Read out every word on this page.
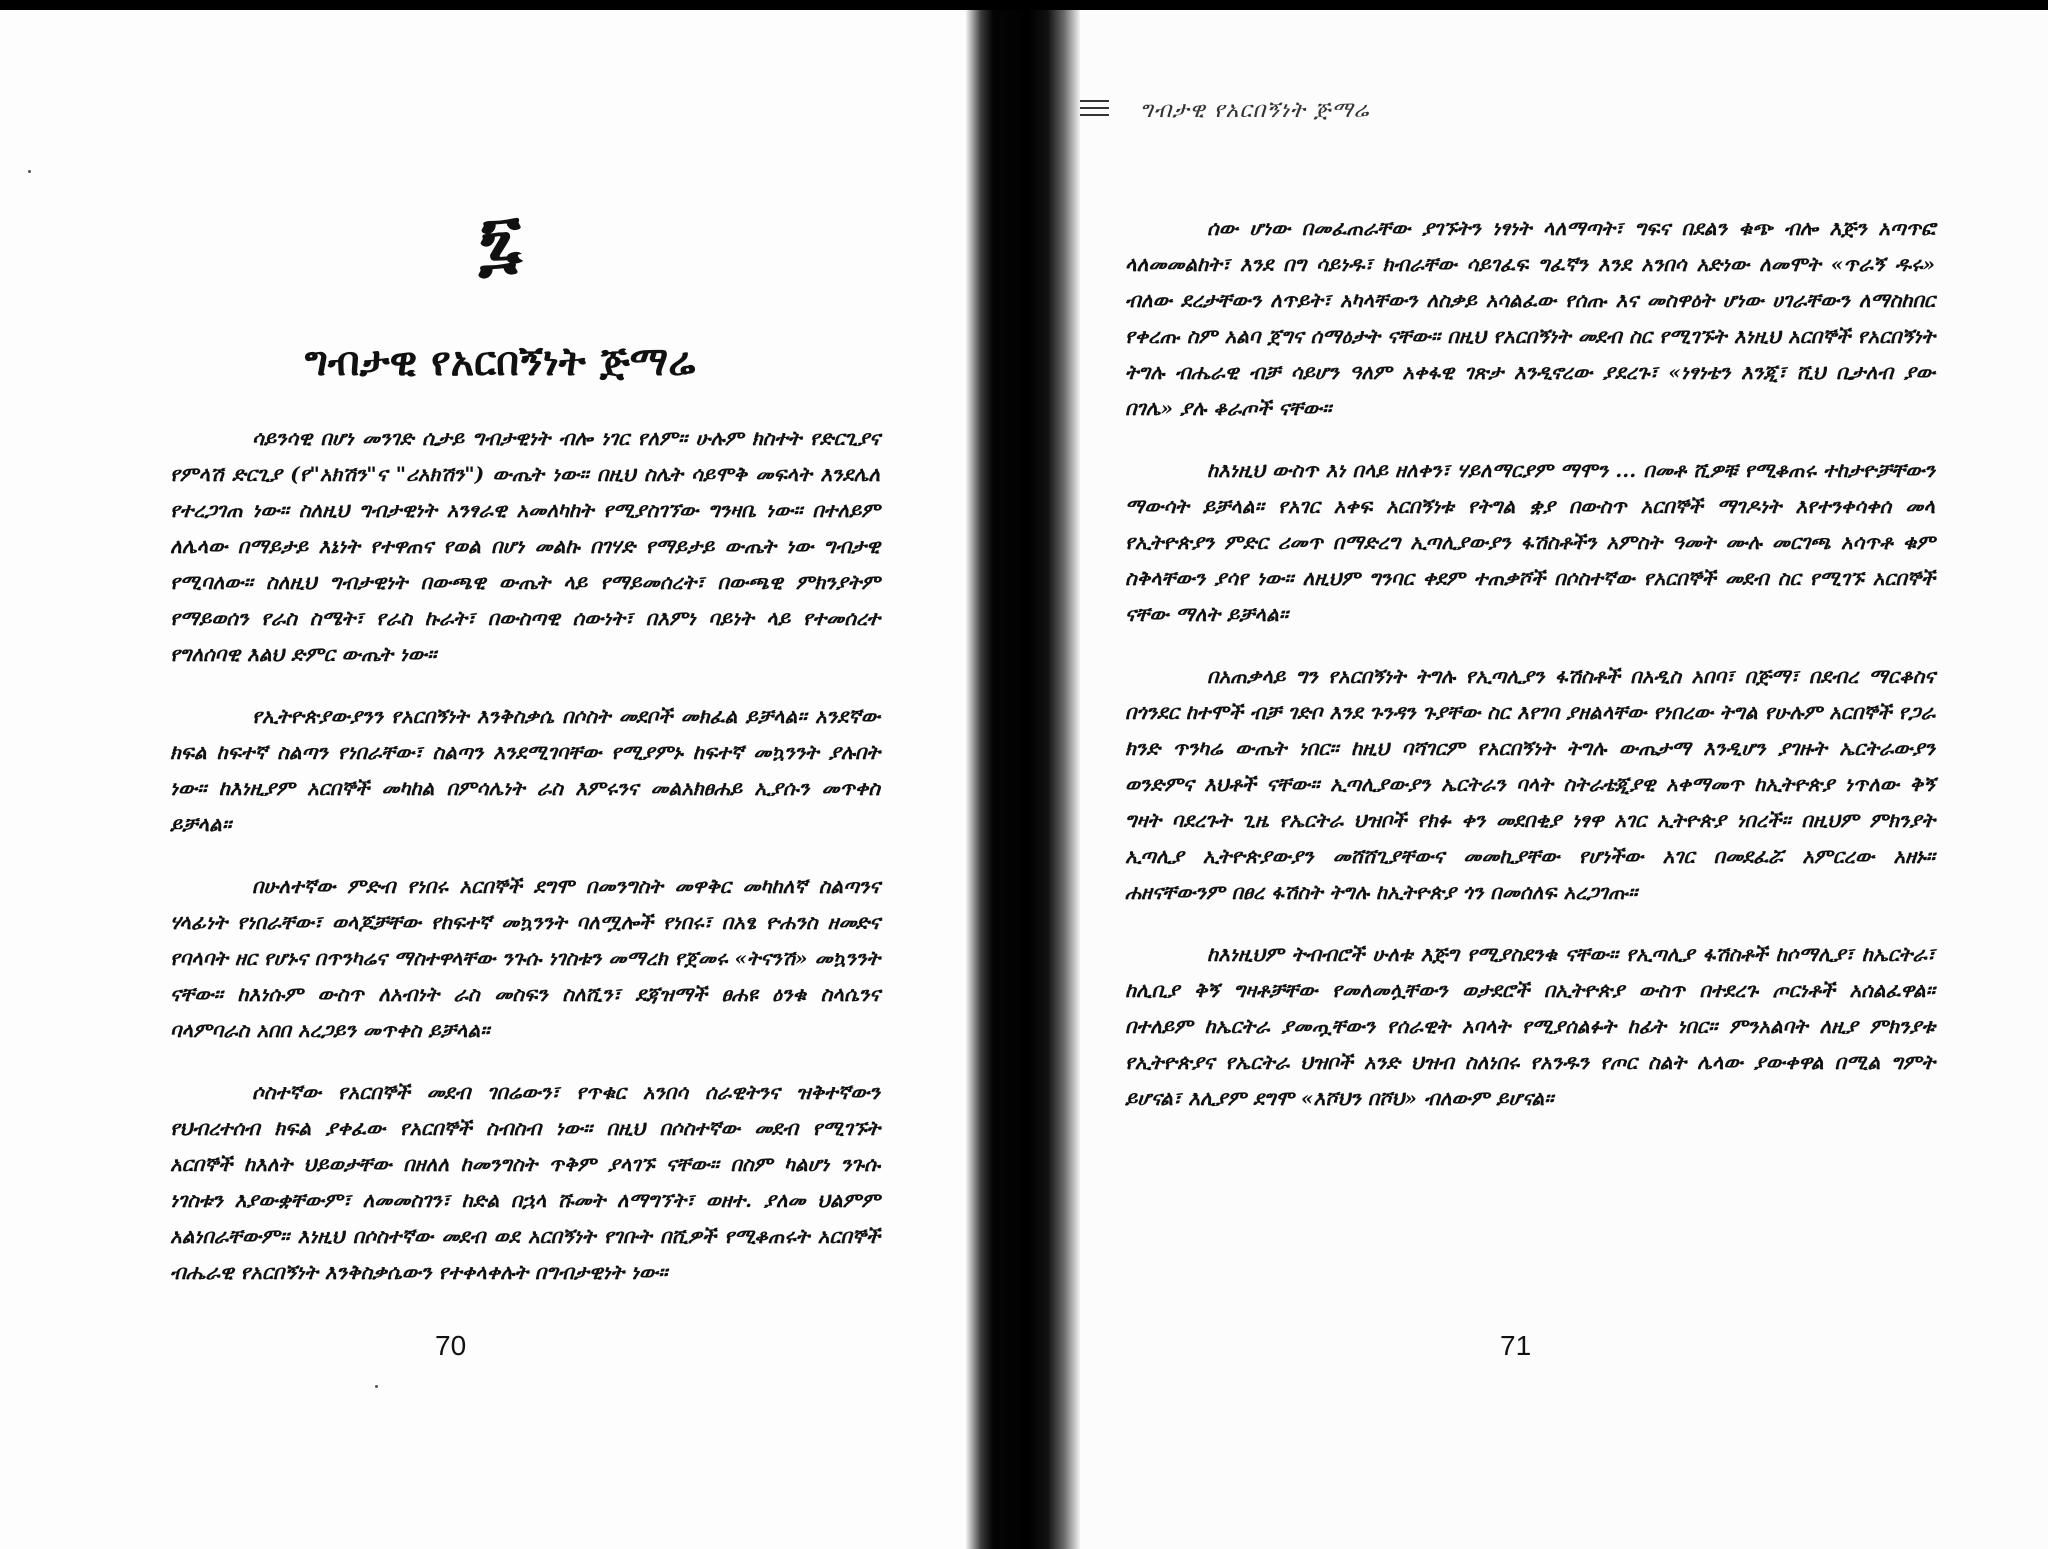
፯
ግብታዊ የአርበኝነት ጅማሬ

ሳይንሳዊ በሆነ መንገድ ሲታይ ግብታዊነት ብሎ ነገር የለም። ሁሉም ክስተት የድርጊያና የምላሽ ድርጊያ (የ"አክሽን"ና "ሪአክሽን") ውጤት ነው። በዚህ ስሌት ሳይሞቅ መፍላት እንደሌለ የተረጋገጠ ነው። ስለዚህ ግብታዊነት አንፃራዊ አመለካከት የሚያስገኘው ግንዛቤ ነው። በተለይም ለሌላው በማይታይ እኔነት የተዋጠና የወል በሆነ መልኩ በገሃድ የማይታይ ውጤት ነው ግብታዊ የሚባለው። ስለዚህ ግብታዊነት በውጫዊ ውጤት ላይ የማይመሰረት፣ በውጫዊ ምክንያትም የማይወሰን የራስ ስሜት፣ የራስ ኩራት፣ በውስጣዊ ሰውነት፣ በእምነ ባይነት ላይ የተመሰረተ የግለሰባዊ እልህ ድምር ውጤት ነው።

የኢትዮጵያውያንን የአርበኝነት እንቅስቃሴ በሶስት መደቦች መክፈል ይቻላል። አንደኛው ክፍል ከፍተኛ ስልጣን የነበራቸው፣ ስልጣን እንደሚገባቸው የሚያምኑ ከፍተኛ መኳንንት ያሉበት ነው። ከእነዚያም አርበኞች መካከል በምሳሌነት ራስ እምሩንና መልአክፀሐይ ኢያሱን መጥቀስ ይቻላል።

በሁለተኛው ምድብ የነበሩ አርበኞች ደግሞ በመንግስት መዋቅር መካከለኛ ስልጣንና ሃላፊነት የነበራቸው፣ ወላጆቻቸው የከፍተኛ መኳንንት ባለሟሎች የነበሩ፣ በአፄ ዮሐንስ ዘመድና የባላባት ዘር የሆኑና በጥንካሬና ማስተዋላቸው ንጉሱ ነገስቱን መማረክ የጀመሩ «ትናንሽ» መኳንንት ናቸው። ከእነሱም ውስጥ ለአብነት ራስ መስፍን ስለሺን፣ ደጃዝማች ፀሐዩ ዕንቁ ስላሴንና ባላምባራስ አበበ አረጋይን መጥቀስ ይቻላል።

ሶስተኛው የአርበኞች መደብ ገበሬውን፣ የጥቁር አንበሳ ሰራዊትንና ዝቅተኛውን የህብረተሰብ ክፍል ያቀፈው የአርበኞች ስብስብ ነው። በዚህ በሶስተኛው መደብ የሚገኙት አርበኞች ከእለት ህይወታቸው በዘለለ ከመንግስት ጥቅም ያላገኙ ናቸው። በስም ካልሆነ ንጉሱ ነገስቱን እያውቋቸውም፣ ለመመስገን፣ ከድል በኋላ ሹመት ለማግኘት፣ ወዘተ. ያለመ ህልምም አልነበራቸውም። እነዚህ በሶስተኛው መደብ ወደ አርበኝነት የገቡት በሺዎች የሚቆጠሩት አርበኞች ብሔራዊ የአርበኝነት እንቅስቃሴውን የተቀላቀሉት በግብታዊነት ነው።

70
ግብታዊ የአርበኝነት ጅማሬ

ሰው ሆነው በመፈጠራቸው ያገኙትን ነፃነት ላለማጣት፣ ግፍና በደልን ቁጭ ብሎ እጅን አጣጥፎ ላለመመልከት፣ እንደ በግ ሳይነዱ፣ ክብራቸው ሳይገፈፍ ግፈኛን እንደ አንበሳ አድነው ለመሞት «ጥራኝ ዱሩ» ብለው ደረታቸውን ለጥይት፣ አካላቸውን ለስቃይ አሳልፈው የሰጡ እና መስዋዕት ሆነው ሀገራቸውን ለማስከበር የቀረጡ ስም አልባ ጀግና ሰማዕታት ናቸው። በዚህ የአርበኝነት መደብ ስር የሚገኙት እነዚህ አርበኞች የአርበኝነት ትግሉ ብሔራዊ ብቻ ሳይሆን ዓለም አቀፋዊ ገጽታ እንዲኖረው ያደረጉ፣ «ነፃነቴን እንጂ፣ ሺህ ቢታለብ ያው በገሌ» ያሉ ቆራጦች ናቸው።

ከእነዚህ ውስጥ እነ በላይ ዘለቀን፣ ሃይለማርያም ማሞን ... በመቶ ሺዎቹ የሚቆጠሩ ተከታዮቻቸውን ማውሳት ይቻላል። የአገር አቀፍ አርበኝነቱ የትግል ቋያ በውስጥ አርበኞች ማገዶነት እየተንቀሳቀሰ መላ የኢትዮጵያን ምድር ሪመጥ በማድረግ ኢጣሊያውያን ፋሽስቶችን አምስት ዓመት ሙሉ መርገጫ አሳጥቶ ቁም ስቅላቸውን ያሳየ ነው። ለዚህም ግንባር ቀደም ተጠቃሾች በሶስተኛው የአርበኞች መደብ ስር የሚገኙ አርበኞች ናቸው ማለት ይቻላል።

በአጠቃላይ ግን የአርበኝነት ትግሉ የኢጣሊያን ፋሽስቶች በአዲስ አበባ፣ በጅማ፣ በደብረ ማርቆስና በጎንደር ከተሞች ብቻ ገድቦ እንደ ጉንዳን ጉያቸው ስር እየገባ ያዘልላቸው የነበረው ትግል የሁሉም አርበኞች የጋራ ክንድ ጥንካሬ ውጤት ነበር። ከዚህ ባሻገርም የአርበኝነት ትግሉ ውጤታማ እንዲሆን ያገዙት ኤርትራውያን ወንድምና እህቶች ናቸው። ኢጣሊያውያን ኤርትራን ባላት ስትራቴጂያዊ አቀማመጥ ከኢትዮጵያ ነጥለው ቅኝ ግዛት ባደረጉት ጊዜ የኤርትራ ህዝቦች የክፉ ቀን መደበቂያ ነፃዋ አገር ኢትዮጵያ ነበረች። በዚህም ምክንያት ኢጣሊያ ኢትዮጵያውያን መሸሸጊያቸውና መመኪያቸው የሆነችው አገር በመደፈሯ አምርረው አዘኑ። ሐዘናቸውንም በፀረ ፋሽስት ትግሉ ከኢትዮጵያ ጎን በመሰለፍ አረጋገጡ።

ከእነዚህም ትብብሮች ሁለቱ እጅግ የሚያስደንቁ ናቸው። የኢጣሊያ ፋሽስቶች ከሶማሊያ፣ ከኤርትራ፣ ከሊቢያ ቅኝ ግዛቶቻቸው የመለመሏቸውን ወታደሮች በኢትዮጵያ ውስጥ በተደረጉ ጦርነቶች አሰልፈዋል። በተለይም ከኤርትራ ያመጧቸውን የሰራዊት አባላት የሚያሰልፉት ከፊት ነበር። ምንአልባት ለዚያ ምክንያቱ የኢትዮጵያና የኤርትራ ህዝቦች አንድ ህዝብ ስለነበሩ የአንዱን የጦር ስልት ሌላው ያውቀዋል በሚል ግምት ይሆናል፣ እሊያም ደግሞ «እሾህን በሾህ» ብለውም ይሆናል።

71
